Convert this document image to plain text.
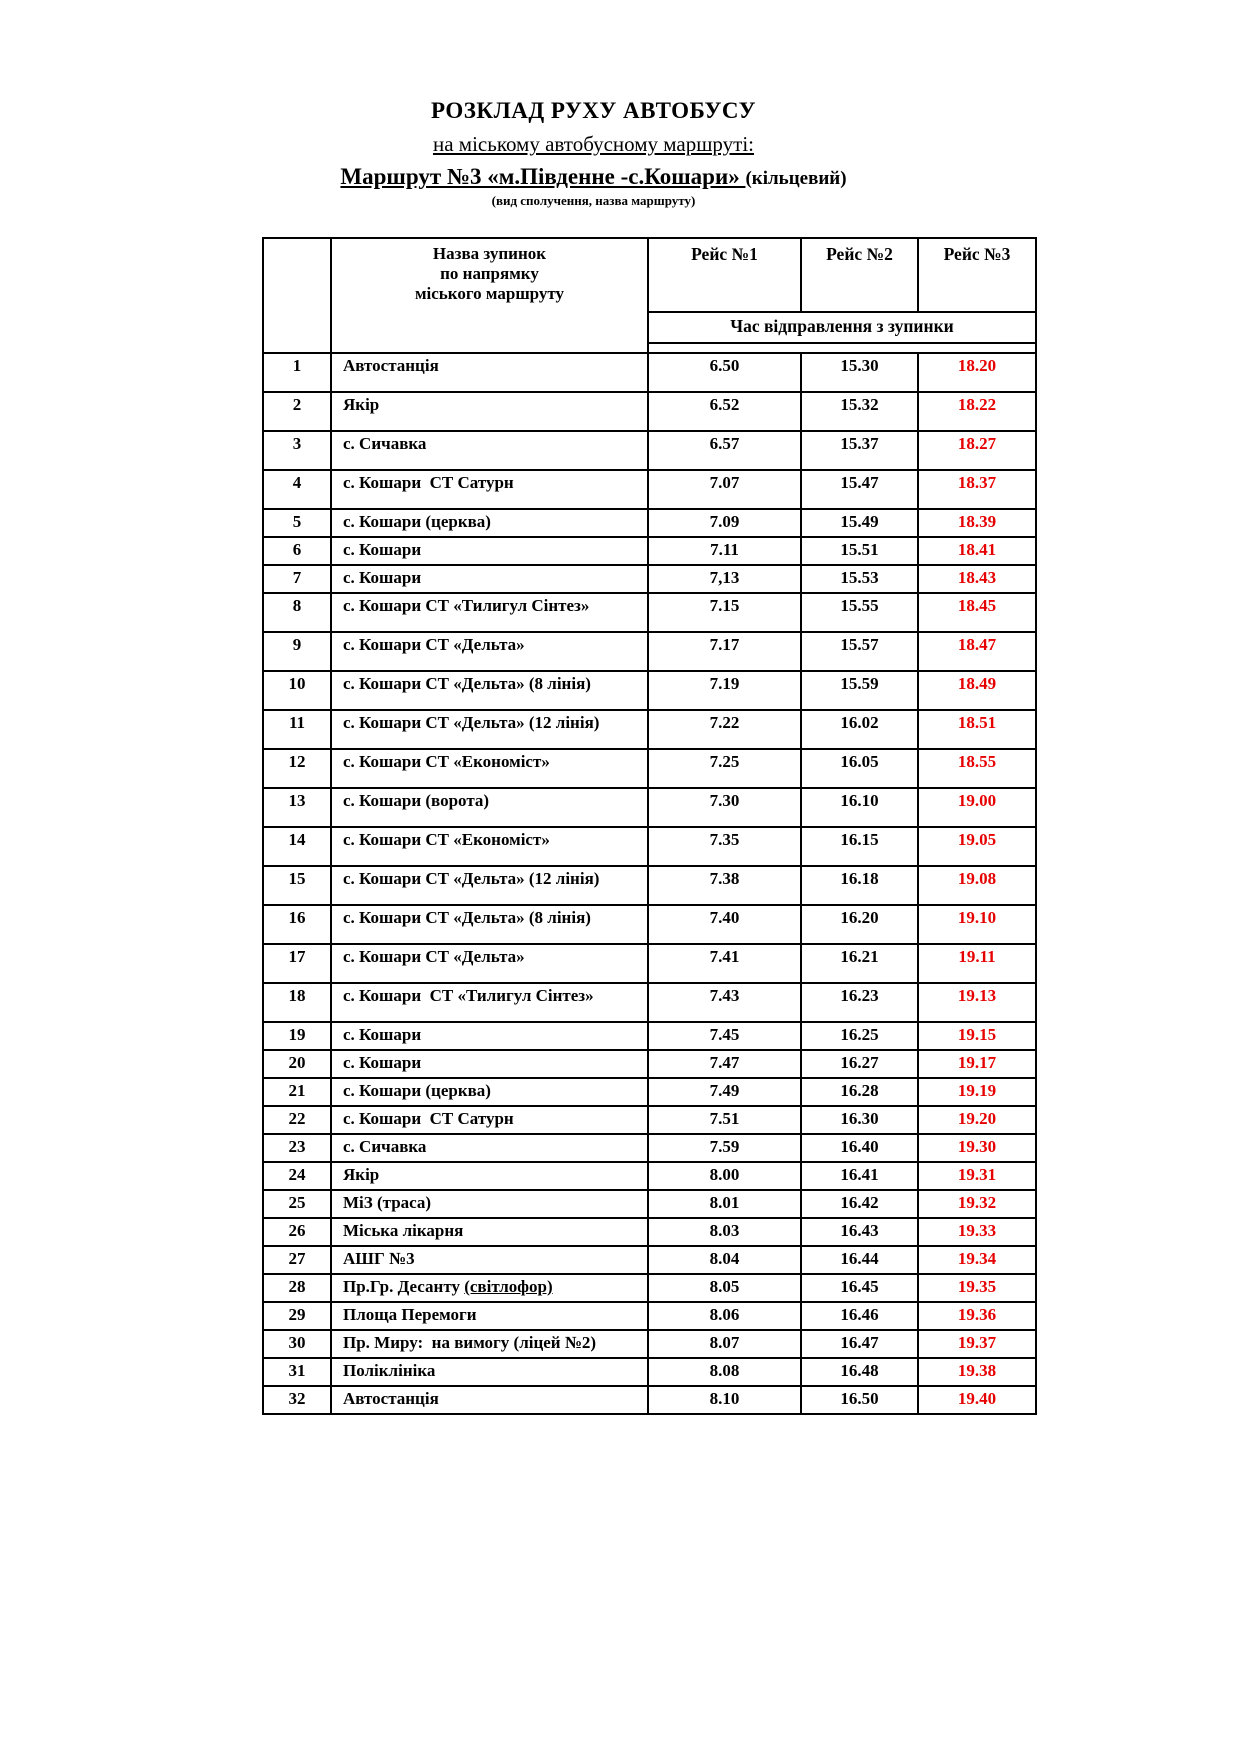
РОЗКЛАД РУХУ АВТОБУСУ
на міському автобусному маршруті:
Маршрут №3 «м.Південне -с.Кошари» (кільцевий)
(вид сполучення, назва маршруту)

	Назва зупинок
по напрямку
міського маршруту	Рейс №1	Рейс №2	Рейс №3

		Час відправлення з зупинки		

1	Автостанція	6.50	15.30	18.20
2	Якір	6.52	15.32	18.22
3	с. Сичавка	6.57	15.37	18.27
4	с. Кошари  СТ Сатурн	7.07	15.47	18.37
5	с. Кошари (церква)	7.09	15.49	18.39
6	с. Кошари	7.11	15.51	18.41
7	с. Кошари	7,13	15.53	18.43
8	с. Кошари СТ «Тилигул Сінтез»	7.15	15.55	18.45
9	с. Кошари СТ «Дельта»	7.17	15.57	18.47
10	с. Кошари СТ «Дельта» (8 лінія)	7.19	15.59	18.49
11	с. Кошари СТ «Дельта» (12 лінія)	7.22	16.02	18.51
12	с. Кошари СТ «Економіст»	7.25	16.05	18.55
13	с. Кошари (ворота)	7.30	16.10	19.00
14	с. Кошари СТ «Економіст»	7.35	16.15	19.05
15	с. Кошари СТ «Дельта» (12 лінія)	7.38	16.18	19.08
16	с. Кошари СТ «Дельта» (8 лінія)	7.40	16.20	19.10
17	с. Кошари СТ «Дельта»	7.41	16.21	19.11
18	с. Кошари  СТ «Тилигул Сінтез»	7.43	16.23	19.13
19	с. Кошари	7.45	16.25	19.15
20	с. Кошари	7.47	16.27	19.17
21	с. Кошари (церква)	7.49	16.28	19.19
22	с. Кошари  СТ Сатурн	7.51	16.30	19.20
23	с. Сичавка	7.59	16.40	19.30
24	Якір	8.00	16.41	19.31
25	МіЗ (траса)	8.01	16.42	19.32
26	Міська лікарня	8.03	16.43	19.33
27	АШГ №3	8.04	16.44	19.34
28	Пр.Гр. Десанту (світлофор)	8.05	16.45	19.35
29	Площа Перемоги	8.06	16.46	19.36
30	Пр. Миру:  на вимогу (ліцей №2)	8.07	16.47	19.37
31	Поліклініка	8.08	16.48	19.38
32	Автостанція	8.10	16.50	19.40
